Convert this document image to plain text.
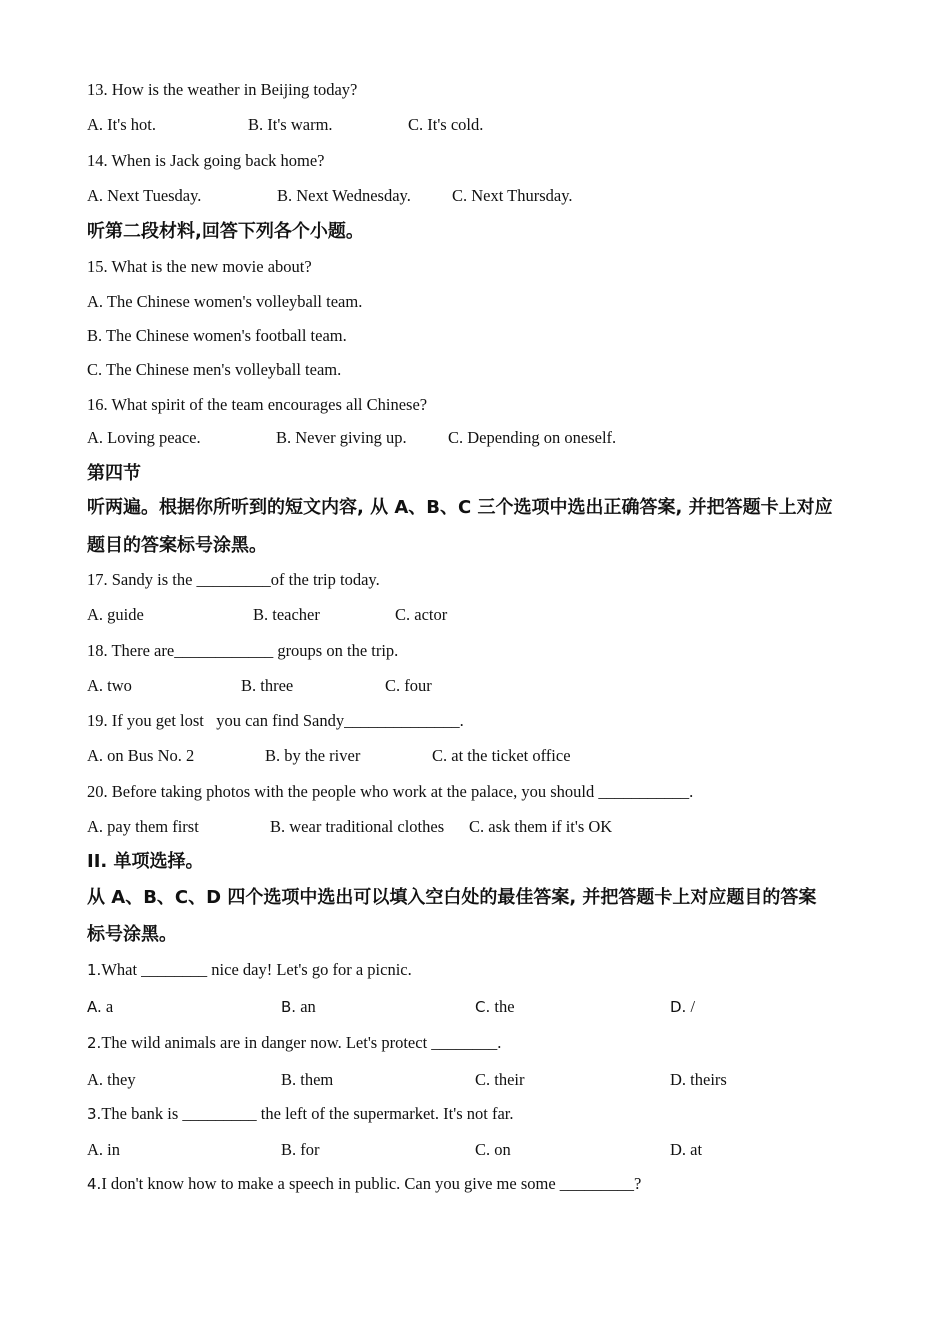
13. How is the weather in Beijing today?
A. It's hot.	B. It's warm.	C. It's cold.
14. When is Jack going back home?
A. Next Tuesday.	B. Next Wednesday. C. Next Thursday.
听第二段材料,回答下列各个小题。
15. What is the new movie about?
A. The Chinese women's volleyball team.
B. The Chinese women's football team.
C. The Chinese men's volleyball team.
16. What spirit of the team encourages all Chinese?
A. Loving peace.	B. Never giving up.	C. Depending on oneself.
第四节
听两遍。根据你所听到的短文内容, 从 A、B、C 三个选项中选出正确答案, 并把答题卡上对应
题目的答案标号涂黑。
17. Sandy is the _________of the trip today.
A. guide	B. teacher	C. actor
18. There are____________ groups on the trip.
A. two	B. three	C. four
19. If you get lost   you can find Sandy______________.
A. on Bus No. 2	B. by the river	C. at the ticket office
20. Before taking photos with the people who work at the palace, you should ___________.
A. pay them first	B. wear traditional clothes C. ask them if it's OK
II. 单项选择。
从 A、B、C、D 四个选项中选出可以填入空白处的最佳答案, 并把答题卡上对应题目的答案
标号涂黑。
1.What ________ nice day! Let's go for a picnic.
A. a	B. an	C. the	D. /
2.The wild animals are in danger now. Let's protect ________.
A. they	B. them	C. their	D. theirs
3.The bank is _________ the left of the supermarket. It's not far.
A. in	B. for	C. on	D. at
4.I don't know how to make a speech in public. Can you give me some _________?
